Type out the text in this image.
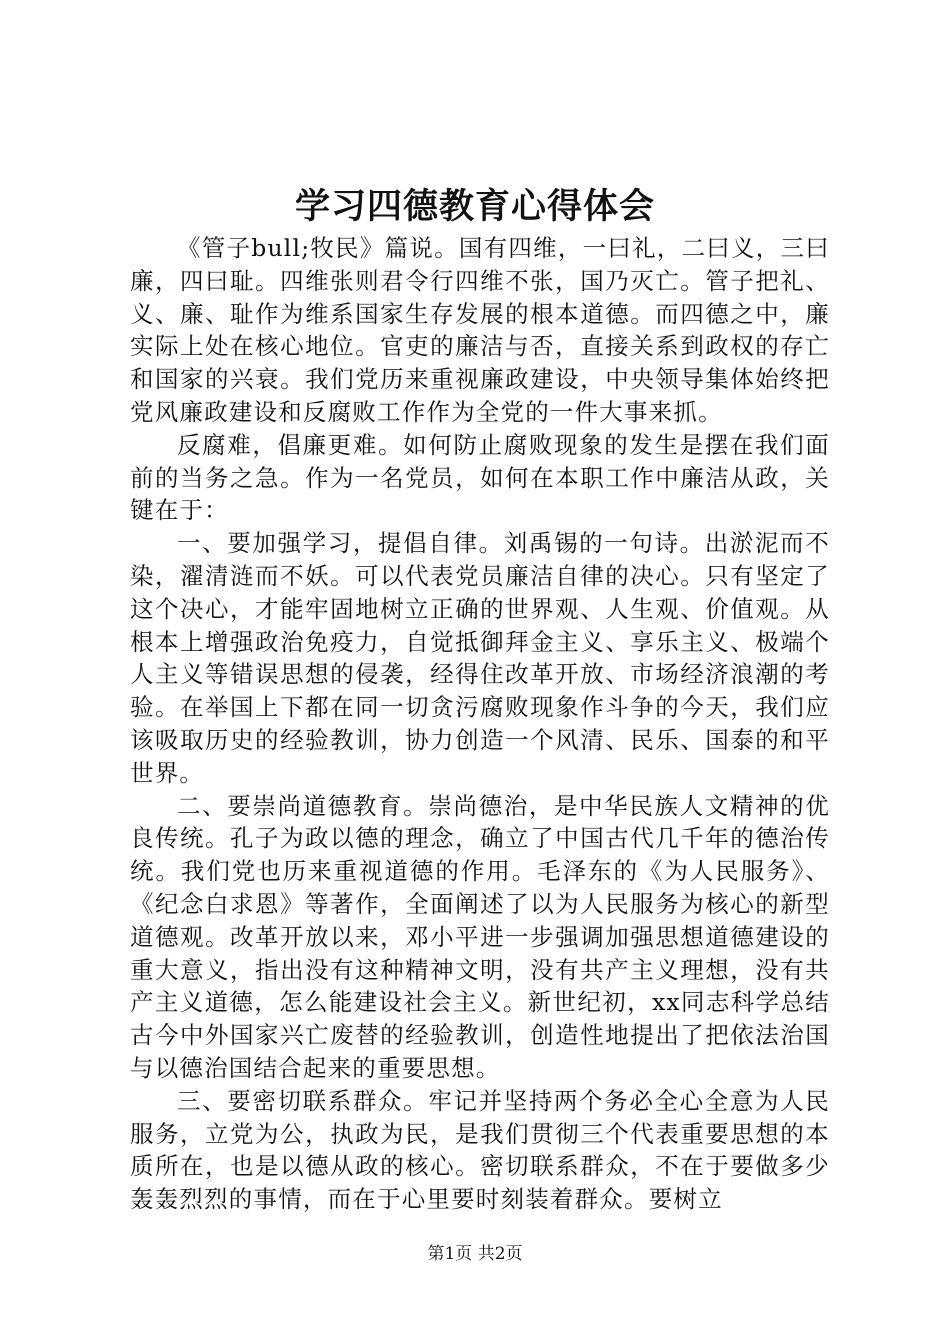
学习四德教育心得体会

《管子bull;牧民》篇说。国有四维，一曰礼，二曰义，三曰廉，四曰耻。四维张则君令行四维不张，国乃灭亡。管子把礼、义、廉、耻作为维系国家生存发展的根本道德。而四德之中，廉实际上处在核心地位。官吏的廉洁与否，直接关系到政权的存亡和国家的兴衰。我们党历来重视廉政建设，中央领导集体始终把党风廉政建设和反腐败工作作为全党的一件大事来抓。

反腐难，倡廉更难。如何防止腐败现象的发生是摆在我们面前的当务之急。作为一名党员，如何在本职工作中廉洁从政，关键在于：

一、要加强学习，提倡自律。刘禹锡的一句诗。出淤泥而不染，濯清涟而不妖。可以代表党员廉洁自律的决心。只有坚定了这个决心，才能牢固地树立正确的世界观、人生观、价值观。从根本上增强政治免疫力，自觉抵御拜金主义、享乐主义、极端个人主义等错误思想的侵袭，经得住改革开放、市场经济浪潮的考验。在举国上下都在同一切贪污腐败现象作斗争的今天，我们应该吸取历史的经验教训，协力创造一个风清、民乐、国泰的和平世界。

二、要崇尚道德教育。崇尚德治，是中华民族人文精神的优良传统。孔子为政以德的理念，确立了中国古代几千年的德治传统。我们党也历来重视道德的作用。毛泽东的《为人民服务》、《纪念白求恩》等著作，全面阐述了以为人民服务为核心的新型道德观。改革开放以来，邓小平进一步强调加强思想道德建设的重大意义，指出没有这种精神文明，没有共产主义理想，没有共产主义道德，怎么能建设社会主义。新世纪初，xx同志科学总结古今中外国家兴亡废替的经验教训，创造性地提出了把依法治国与以德治国结合起来的重要思想。

三、要密切联系群众。牢记并坚持两个务必全心全意为人民服务，立党为公，执政为民，是我们贯彻三个代表重要思想的本质所在，也是以德从政的核心。密切联系群众，不在于要做多少轰轰烈烈的事情，而在于心里要时刻装着群众。要树立

第1页 共2页
